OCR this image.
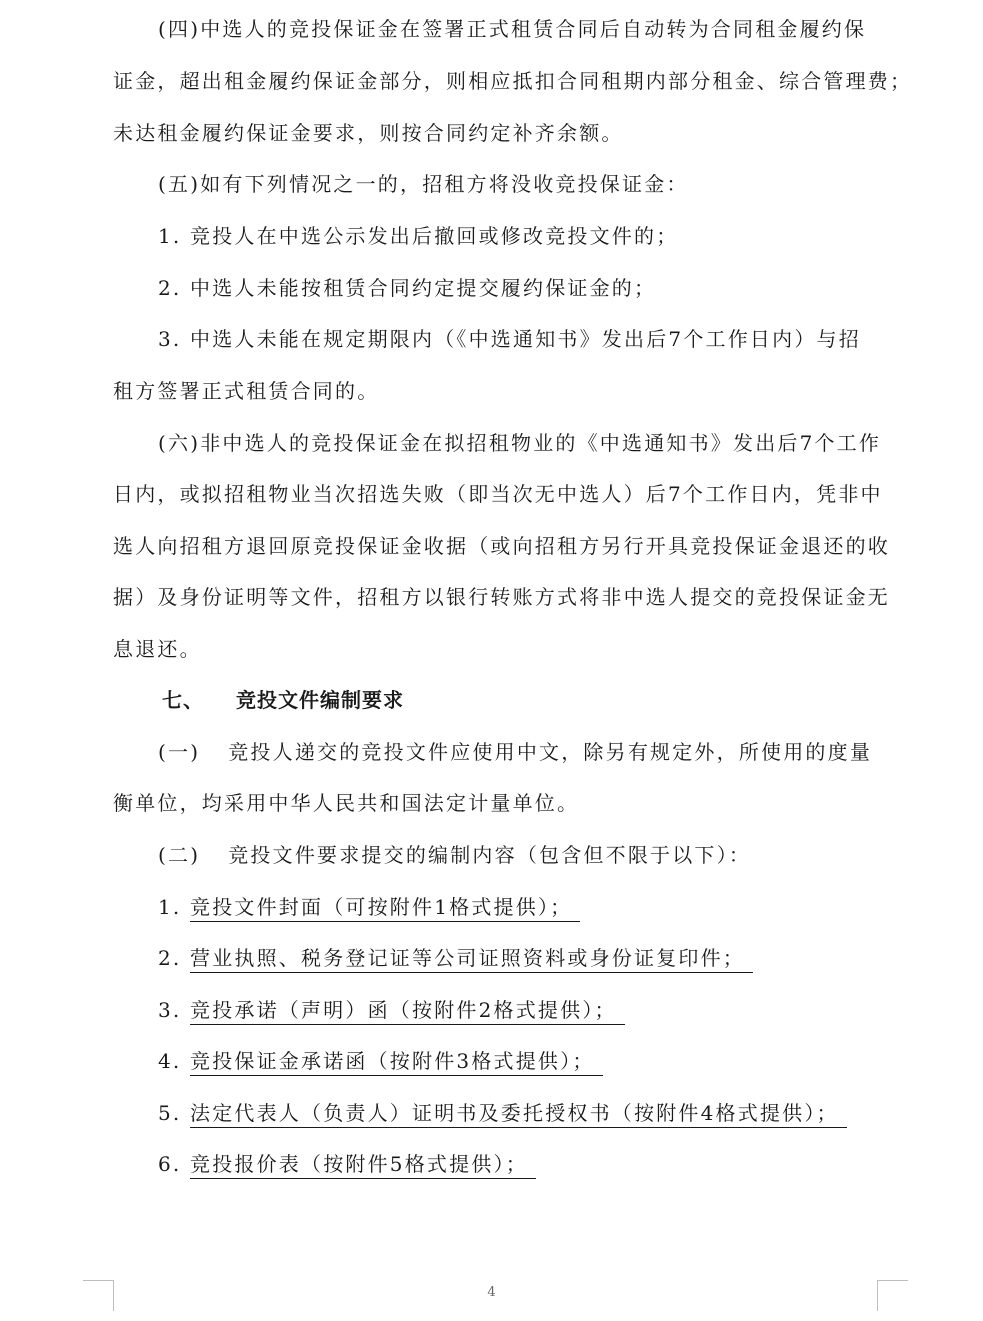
(四)中选人的竞投保证金在签署正式租赁合同后自动转为合同租金履约保
证金，超出租金履约保证金部分，则相应抵扣合同租期内部分租金、综合管理费；
未达租金履约保证金要求，则按合同约定补齐余额。
(五)如有下列情况之一的，招租方将没收竞投保证金：
1. 竞投人在中选公示发出后撤回或修改竞投文件的；
2. 中选人未能按租赁合同约定提交履约保证金的；
3. 中选人未能在规定期限内（《中选通知书》发出后7个工作日内）与招
租方签署正式租赁合同的。
(六)非中选人的竞投保证金在拟招租物业的《中选通知书》发出后7个工作
日内，或拟招租物业当次招选失败（即当次无中选人）后7个工作日内，凭非中
选人向招租方退回原竞投保证金收据（或向招租方另行开具竞投保证金退还的收
据）及身份证明等文件，招租方以银行转账方式将非中选人提交的竞投保证金无
息退还。
七、 竞投文件编制要求
(一) 竞投人递交的竞投文件应使用中文，除另有规定外，所使用的度量
衡单位，均采用中华人民共和国法定计量单位。
(二) 竞投文件要求提交的编制内容（包含但不限于以下）：
1. 竞投文件封面（可按附件1格式提供）；
2. 营业执照、税务登记证等公司证照资料或身份证复印件；
3. 竞投承诺（声明）函（按附件2格式提供）；
4. 竞投保证金承诺函（按附件3格式提供）；
5. 法定代表人（负责人）证明书及委托授权书（按附件4格式提供）；
6. 竞投报价表（按附件5格式提供）；
4
